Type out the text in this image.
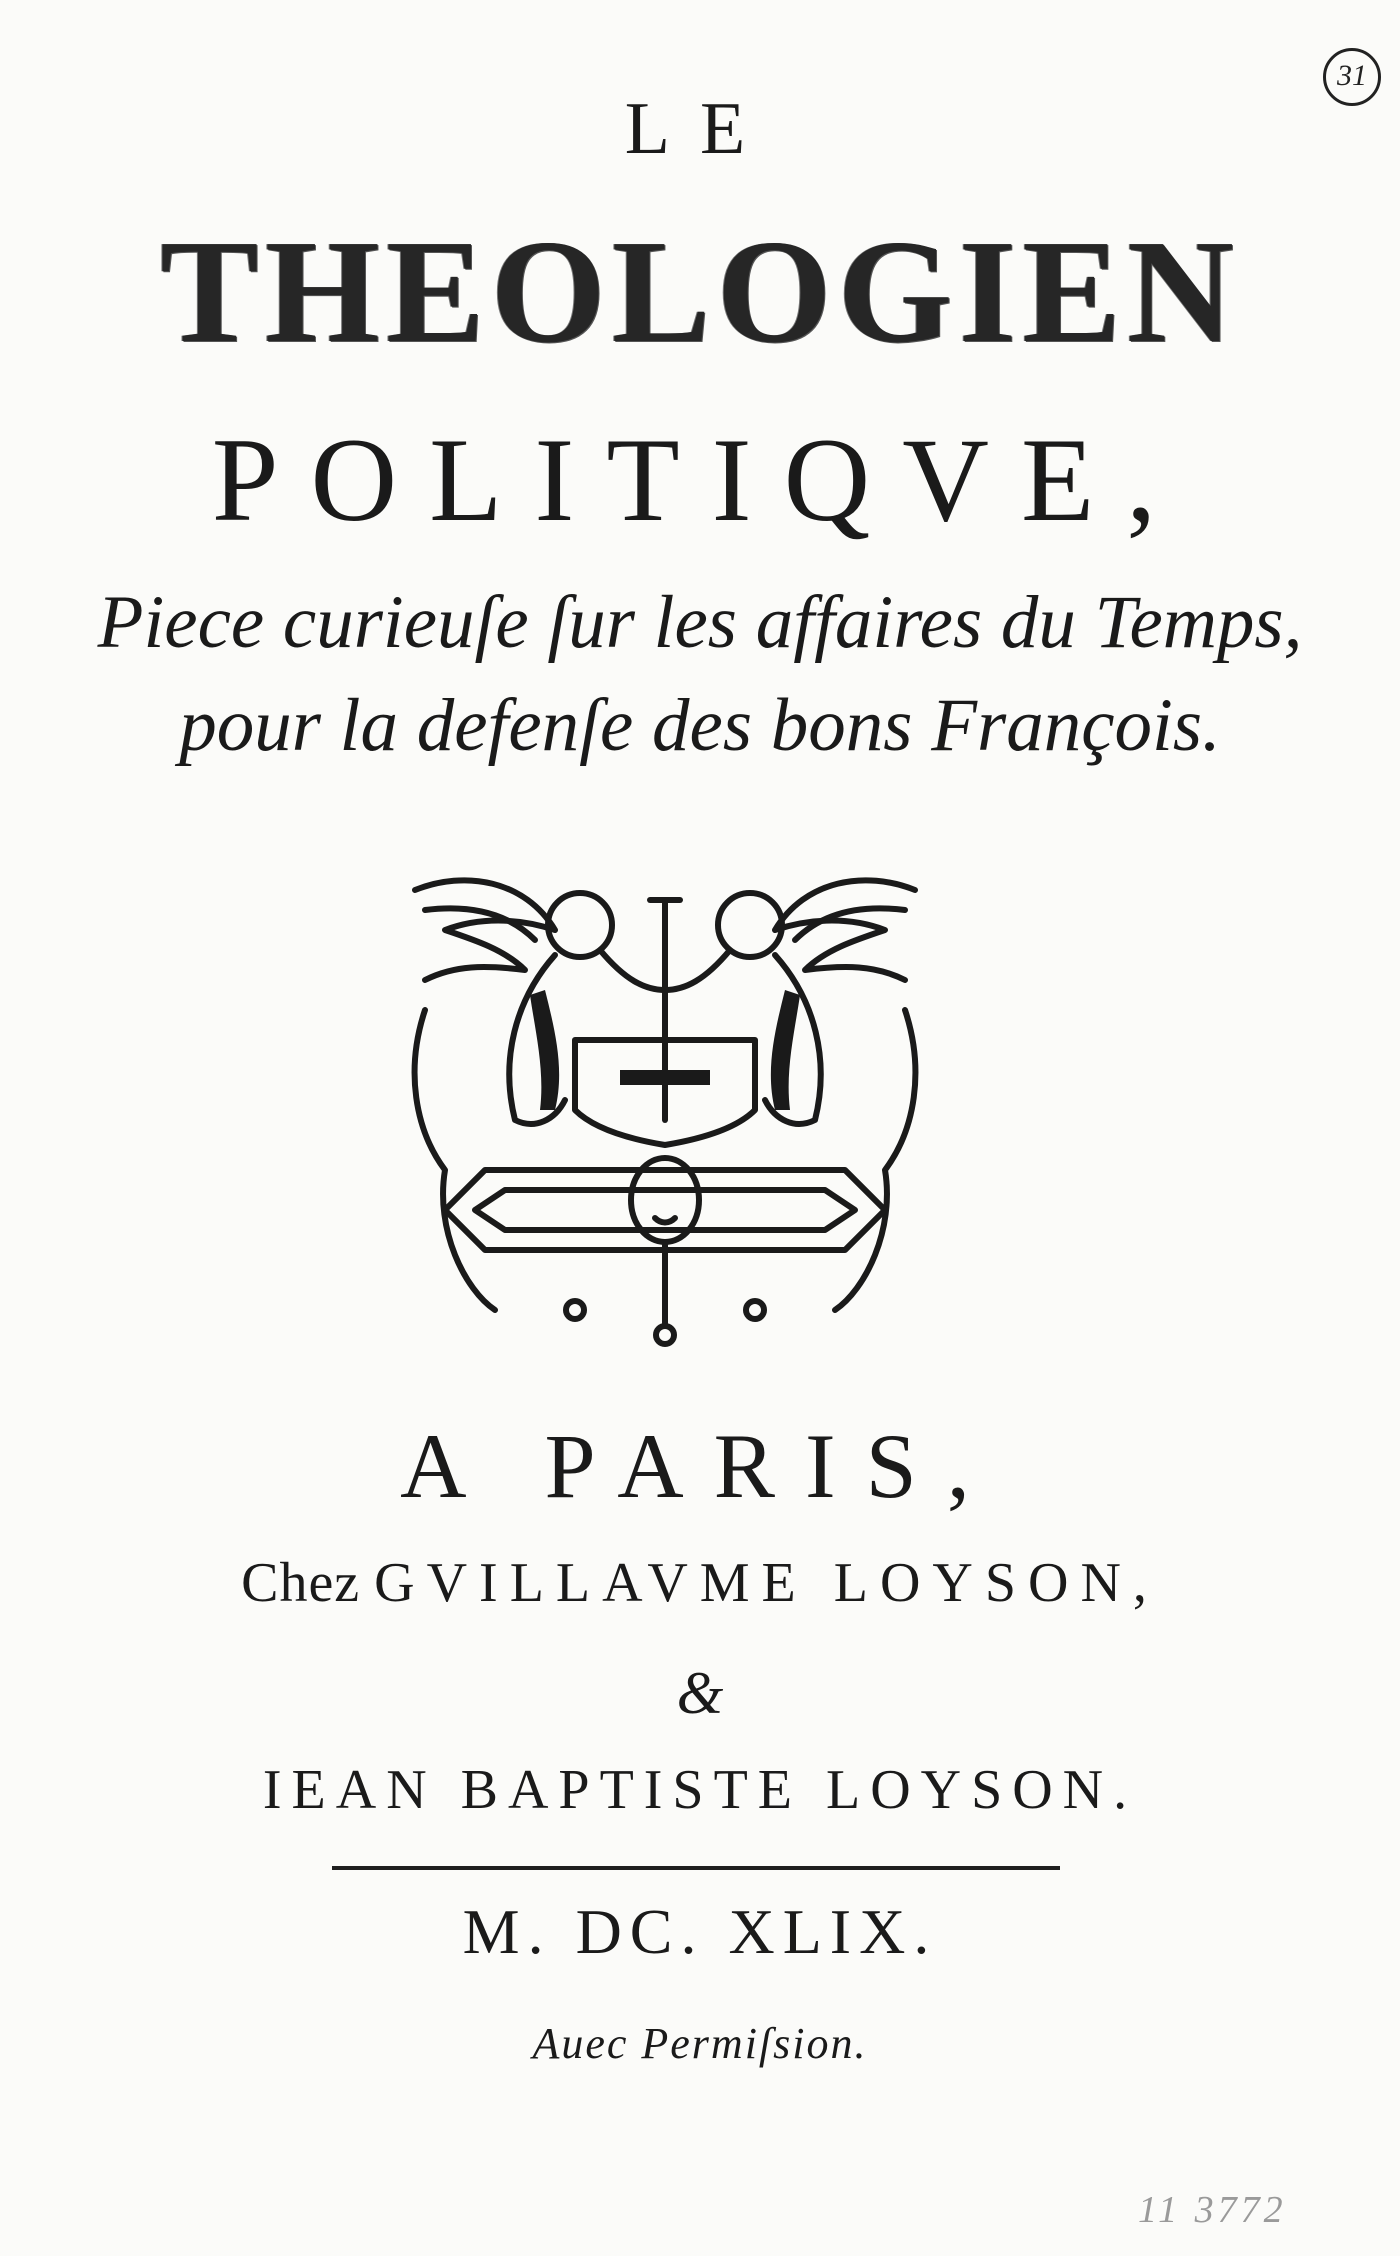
31
LE
THEOLOGIEN
POLITIQVE,
Piece curieuſe ſur les affaires du Temps,
pour la defenſe des bons François.
A PARIS,
Chez GVILLAVME LOYSON,
&
IEAN BAPTISTE LOYSON.
M. DC. XLIX.
Auec Permiſsion.
11 3772
